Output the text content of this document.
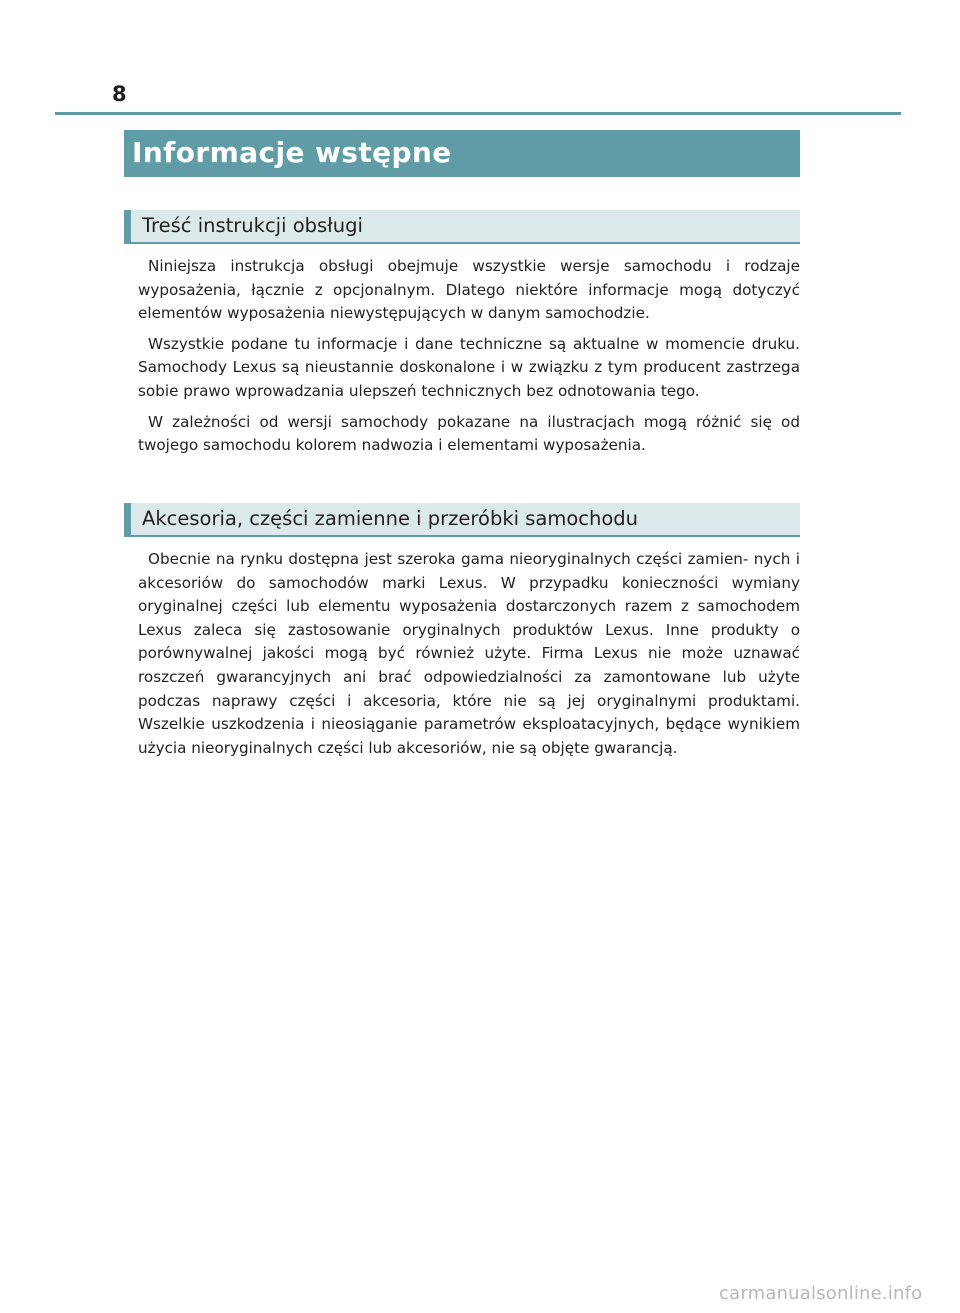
8
Informacje wstępne
Treść instrukcji obsługi

Niniejsza instrukcja obsługi obejmuje wszystkie wersje samochodu i rodzaje wyposażenia, łącznie z opcjonalnym. Dlatego niektóre informacje mogą dotyczyć elementów wyposażenia niewystępujących w danym samochodzie.

Wszystkie podane tu informacje i dane techniczne są aktualne w momencie druku. Samochody Lexus są nieustannie doskonalone i w związku z tym producent zastrzega sobie prawo wprowadzania ulepszeń technicznych bez odnotowania tego.

W zależności od wersji samochody pokazane na ilustracjach mogą różnić się od twojego samochodu kolorem nadwozia i elementami wyposażenia.

Akcesoria, części zamienne i przeróbki samochodu

Obecnie na rynku dostępna jest szeroka gama nieoryginalnych części zamien- nych i akcesoriów do samochodów marki Lexus. W przypadku konieczności wymiany oryginalnej części lub elementu wyposażenia dostarczonych razem z samochodem Lexus zaleca się zastosowanie oryginalnych produktów Lexus. Inne produkty o porównywalnej jakości mogą być również użyte. Firma Lexus nie może uznawać roszczeń gwarancyjnych ani brać odpowiedzialności za zamontowane lub użyte podczas naprawy części i akcesoria, które nie są jej oryginalnymi produktami. Wszelkie uszkodzenia i nieosiąganie parametrów eksploatacyjnych, będące wynikiem użycia nieoryginalnych części lub akcesoriów, nie są objęte gwarancją.

carmanualsonline.info
